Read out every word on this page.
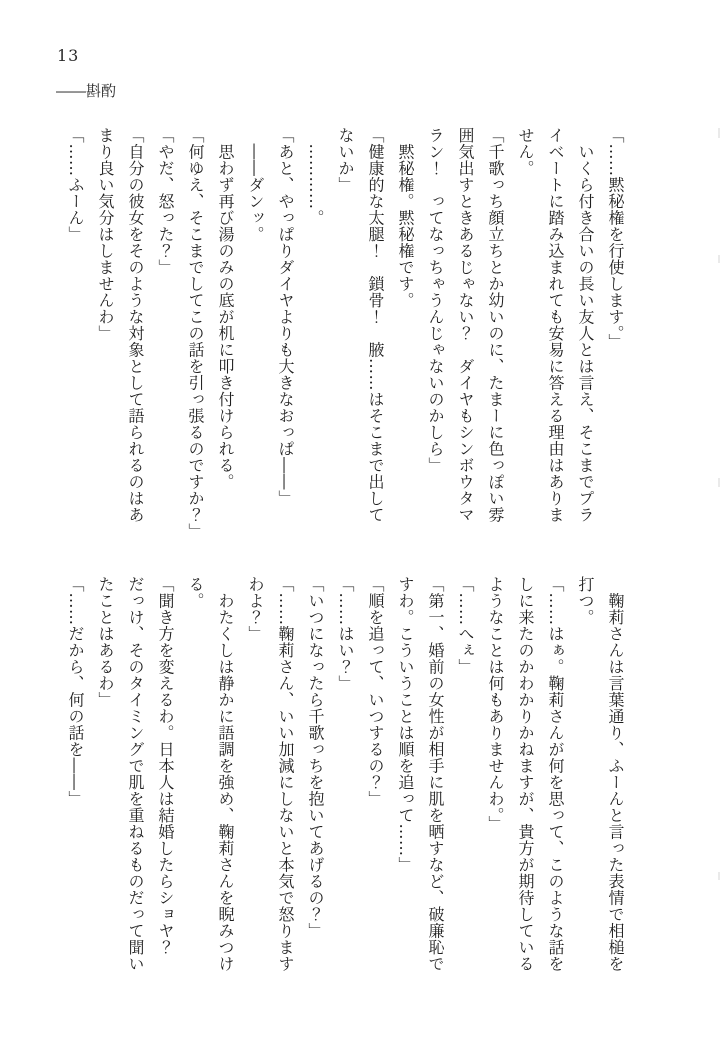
13
――斟酌

「……黙秘権を行使します。」

　いくら付き合いの長い友人とは言え、そこまでプラ

イベートに踏み込まれても安易に答える理由はありま

せん。

「千歌っち顔立ちとか幼いのに、たまーに色っぽい雰

囲気出すときあるじゃない？　ダイヤもシンボウタマ

ラン！　ってなっちゃうんじゃないのかしら」

　黙秘権。黙秘権です。

「健康的な太腿！　鎖骨！　腋……はそこまで出して

ないか」

　…………。

「あと、やっぱりダイヤよりも大きなおっぱ――」

　――ダンッ。

　思わず再び湯のみの底が机に叩き付けられる。

「何ゆえ、そこまでしてこの話を引っ張るのですか？」

「やだ、怒った？」

「自分の彼女をそのような対象として語られるのはあ

まり良い気分はしませんわ」

「……ふーん」

　鞠莉さんは言葉通り、ふーんと言った表情で相槌を

打つ。

「……はぁ。鞠莉さんが何を思って、このような話を

しに来たのかわかりかねますが、貴方が期待している

ようなことは何もありませんわ。」

「……へぇ」

「第一、婚前の女性が相手に肌を晒すなど、破廉恥で

すわ。こういうことは順を追って……」

「順を追って、いつするの？」

「……はい？」

「いつになったら千歌っちを抱いてあげるの？」

「……鞠莉さん、いい加減にしないと本気で怒ります

わよ？」

　わたくしは静かに語調を強め、鞠莉さんを睨みつけ

る。

「聞き方を変えるわ。日本人は結婚したらショヤ？

だっけ、そのタイミングで肌を重ねるものだって聞い

たことはあるわ」

「……だから、何の話を――」
